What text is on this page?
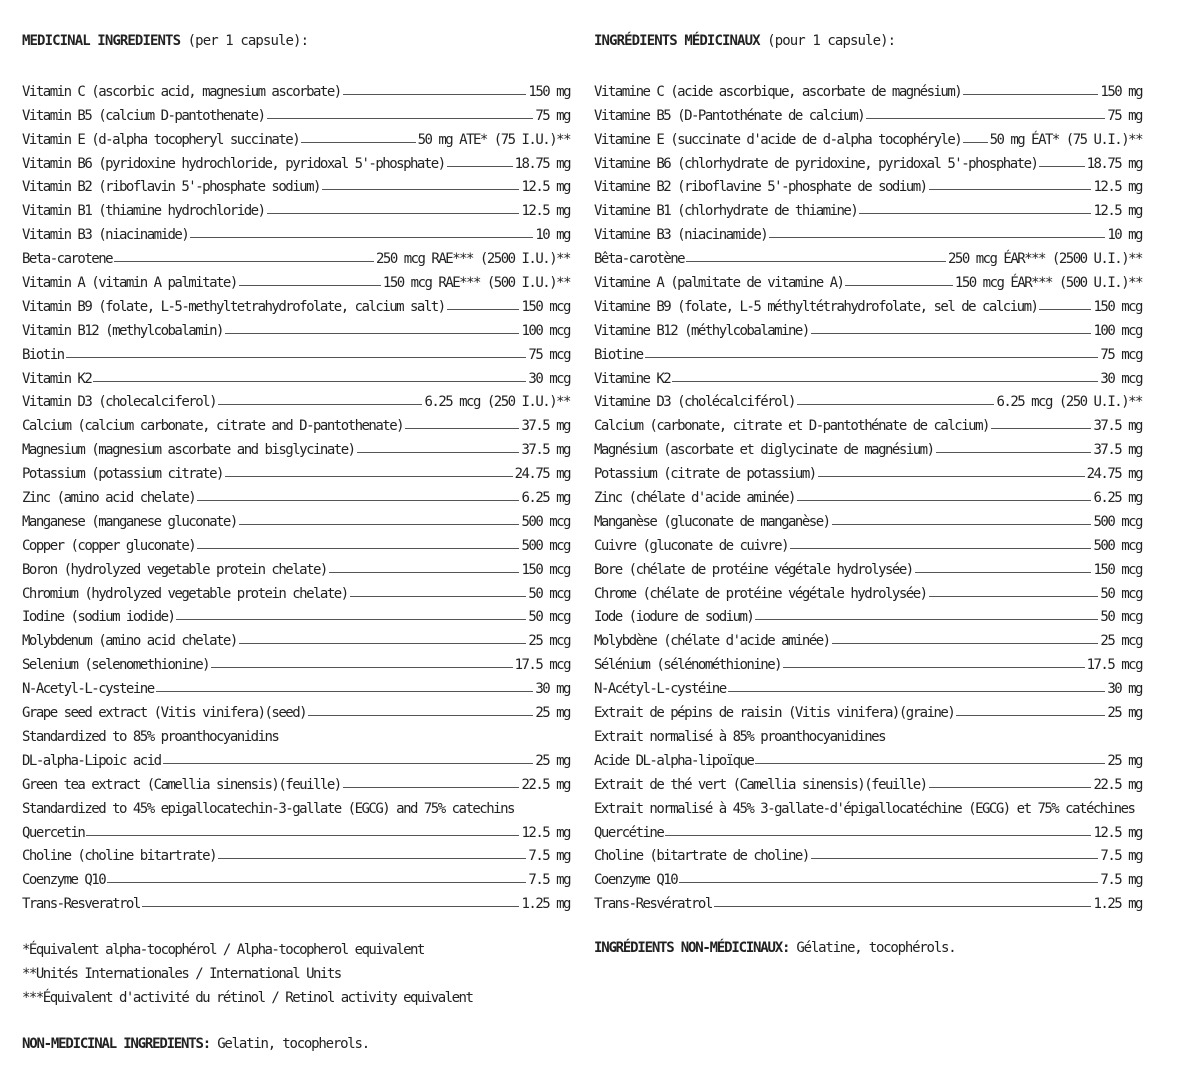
MEDICINAL INGREDIENTS (per 1 capsule):
Vitamin C (ascorbic acid, magnesium ascorbate)	150 mg
Vitamin B5 (calcium D-pantothenate)	75 mg
Vitamin E (d-alpha tocopheryl succinate)	50 mg ATE* (75 I.U.)**
Vitamin B6 (pyridoxine hydrochloride, pyridoxal 5'-phosphate)	18.75 mg
Vitamin B2 (riboflavin 5'-phosphate sodium)	12.5 mg
Vitamin B1 (thiamine hydrochloride)	12.5 mg
Vitamin B3 (niacinamide)	10 mg
Beta-carotene	250 mcg RAE*** (2500 I.U.)**
Vitamin A (vitamin A palmitate)	150 mcg RAE*** (500 I.U.)**
Vitamin B9 (folate, L-5-methyltetrahydrofolate, calcium salt)	150 mcg
Vitamin B12 (methylcobalamin)	100 mcg
Biotin	75 mcg
Vitamin K2	30 mcg
Vitamin D3 (cholecalciferol)	6.25 mcg (250 I.U.)**
Calcium (calcium carbonate, citrate and D-pantothenate)	37.5 mg
Magnesium (magnesium ascorbate and bisglycinate)	37.5 mg
Potassium (potassium citrate)	24.75 mg
Zinc (amino acid chelate)	6.25 mg
Manganese (manganese gluconate)	500 mcg
Copper (copper gluconate)	500 mcg
Boron (hydrolyzed vegetable protein chelate)	150 mcg
Chromium (hydrolyzed vegetable protein chelate)	50 mcg
Iodine (sodium iodide)	50 mcg
Molybdenum (amino acid chelate)	25 mcg
Selenium (selenomethionine)	17.5 mcg
N-Acetyl-L-cysteine	30 mg
Grape seed extract (Vitis vinifera)(seed)	25 mg
Standardized to 85% proanthocyanidins
DL-alpha-Lipoic acid	25 mg
Green tea extract (Camellia sinensis)(feuille)	22.5 mg
Standardized to 45% epigallocatechin-3-gallate (EGCG) and 75% catechins
Quercetin	12.5 mg
Choline (choline bitartrate)	7.5 mg
Coenzyme Q10	7.5 mg
Trans-Resveratrol	1.25 mg
INGRÉDIENTS MÉDICINAUX (pour 1 capsule):
Vitamine C (acide ascorbique, ascorbate de magnésium)	150 mg
Vitamine B5 (D-Pantothénate de calcium)	75 mg
Vitamine E (succinate d'acide de d-alpha tocophéryle) 50 mg ÉAT* (75 U.I.)**
Vitamine B6 (chlorhydrate de pyridoxine, pyridoxal 5'-phosphate)	18.75 mg
Vitamine B2 (riboflavine 5'-phosphate de sodium)	12.5 mg
Vitamine B1 (chlorhydrate de thiamine)	12.5 mg
Vitamine B3 (niacinamide)	10 mg
Bêta-carotène	250 mcg ÉAR*** (2500 U.I.)**
Vitamine A (palmitate de vitamine A)	150 mcg ÉAR*** (500 U.I.)**
Vitamine B9 (folate, L-5 méthyltétrahydrofolate, sel de calcium)	150 mcg
Vitamine B12 (méthylcobalamine)	100 mcg
Biotine	75 mcg
Vitamine K2	30 mcg
Vitamine D3 (cholécalciférol)	6.25 mcg (250 U.I.)**
Calcium (carbonate, citrate et D-pantothénate de calcium)	37.5 mg
Magnésium (ascorbate et diglycinate de magnésium)	37.5 mg
Potassium (citrate de potassium)	24.75 mg
Zinc (chélate d'acide aminée)	6.25 mg
Manganèse (gluconate de manganèse)	500 mcg
Cuivre (gluconate de cuivre)	500 mcg
Bore (chélate de protéine végétale hydrolysée)	150 mcg
Chrome (chélate de protéine végétale hydrolysée)	50 mcg
Iode (iodure de sodium)	50 mcg
Molybdène (chélate d'acide aminée)	25 mcg
Sélénium (sélénométhionine)	17.5 mcg
N-Acétyl-L-cystéine	30 mg
Extrait de pépins de raisin (Vitis vinifera)(graine)	25 mg
Extrait normalisé à 85% proanthocyanidines
Acide DL-alpha-lipoïque	25 mg
Extrait de thé vert (Camellia sinensis)(feuille)	22.5 mg
Extrait normalisé à 45% 3-gallate-d'épigallocatéchine (EGCG) et 75% catéchines
Quercétine	12.5 mg
Choline (bitartrate de choline)	7.5 mg
Coenzyme Q10	7.5 mg
Trans-Resvératrol	1.25 mg
*Équivalent alpha-tocophérol / Alpha-tocopherol equivalent
**Unités Internationales / International Units
***Équivalent d'activité du rétinol / Retinol activity equivalent
NON-MEDICINAL INGREDIENTS: Gelatin, tocopherols.
INGRÉDIENTS NON-MÉDICINAUX: Gélatine, tocophérols.
